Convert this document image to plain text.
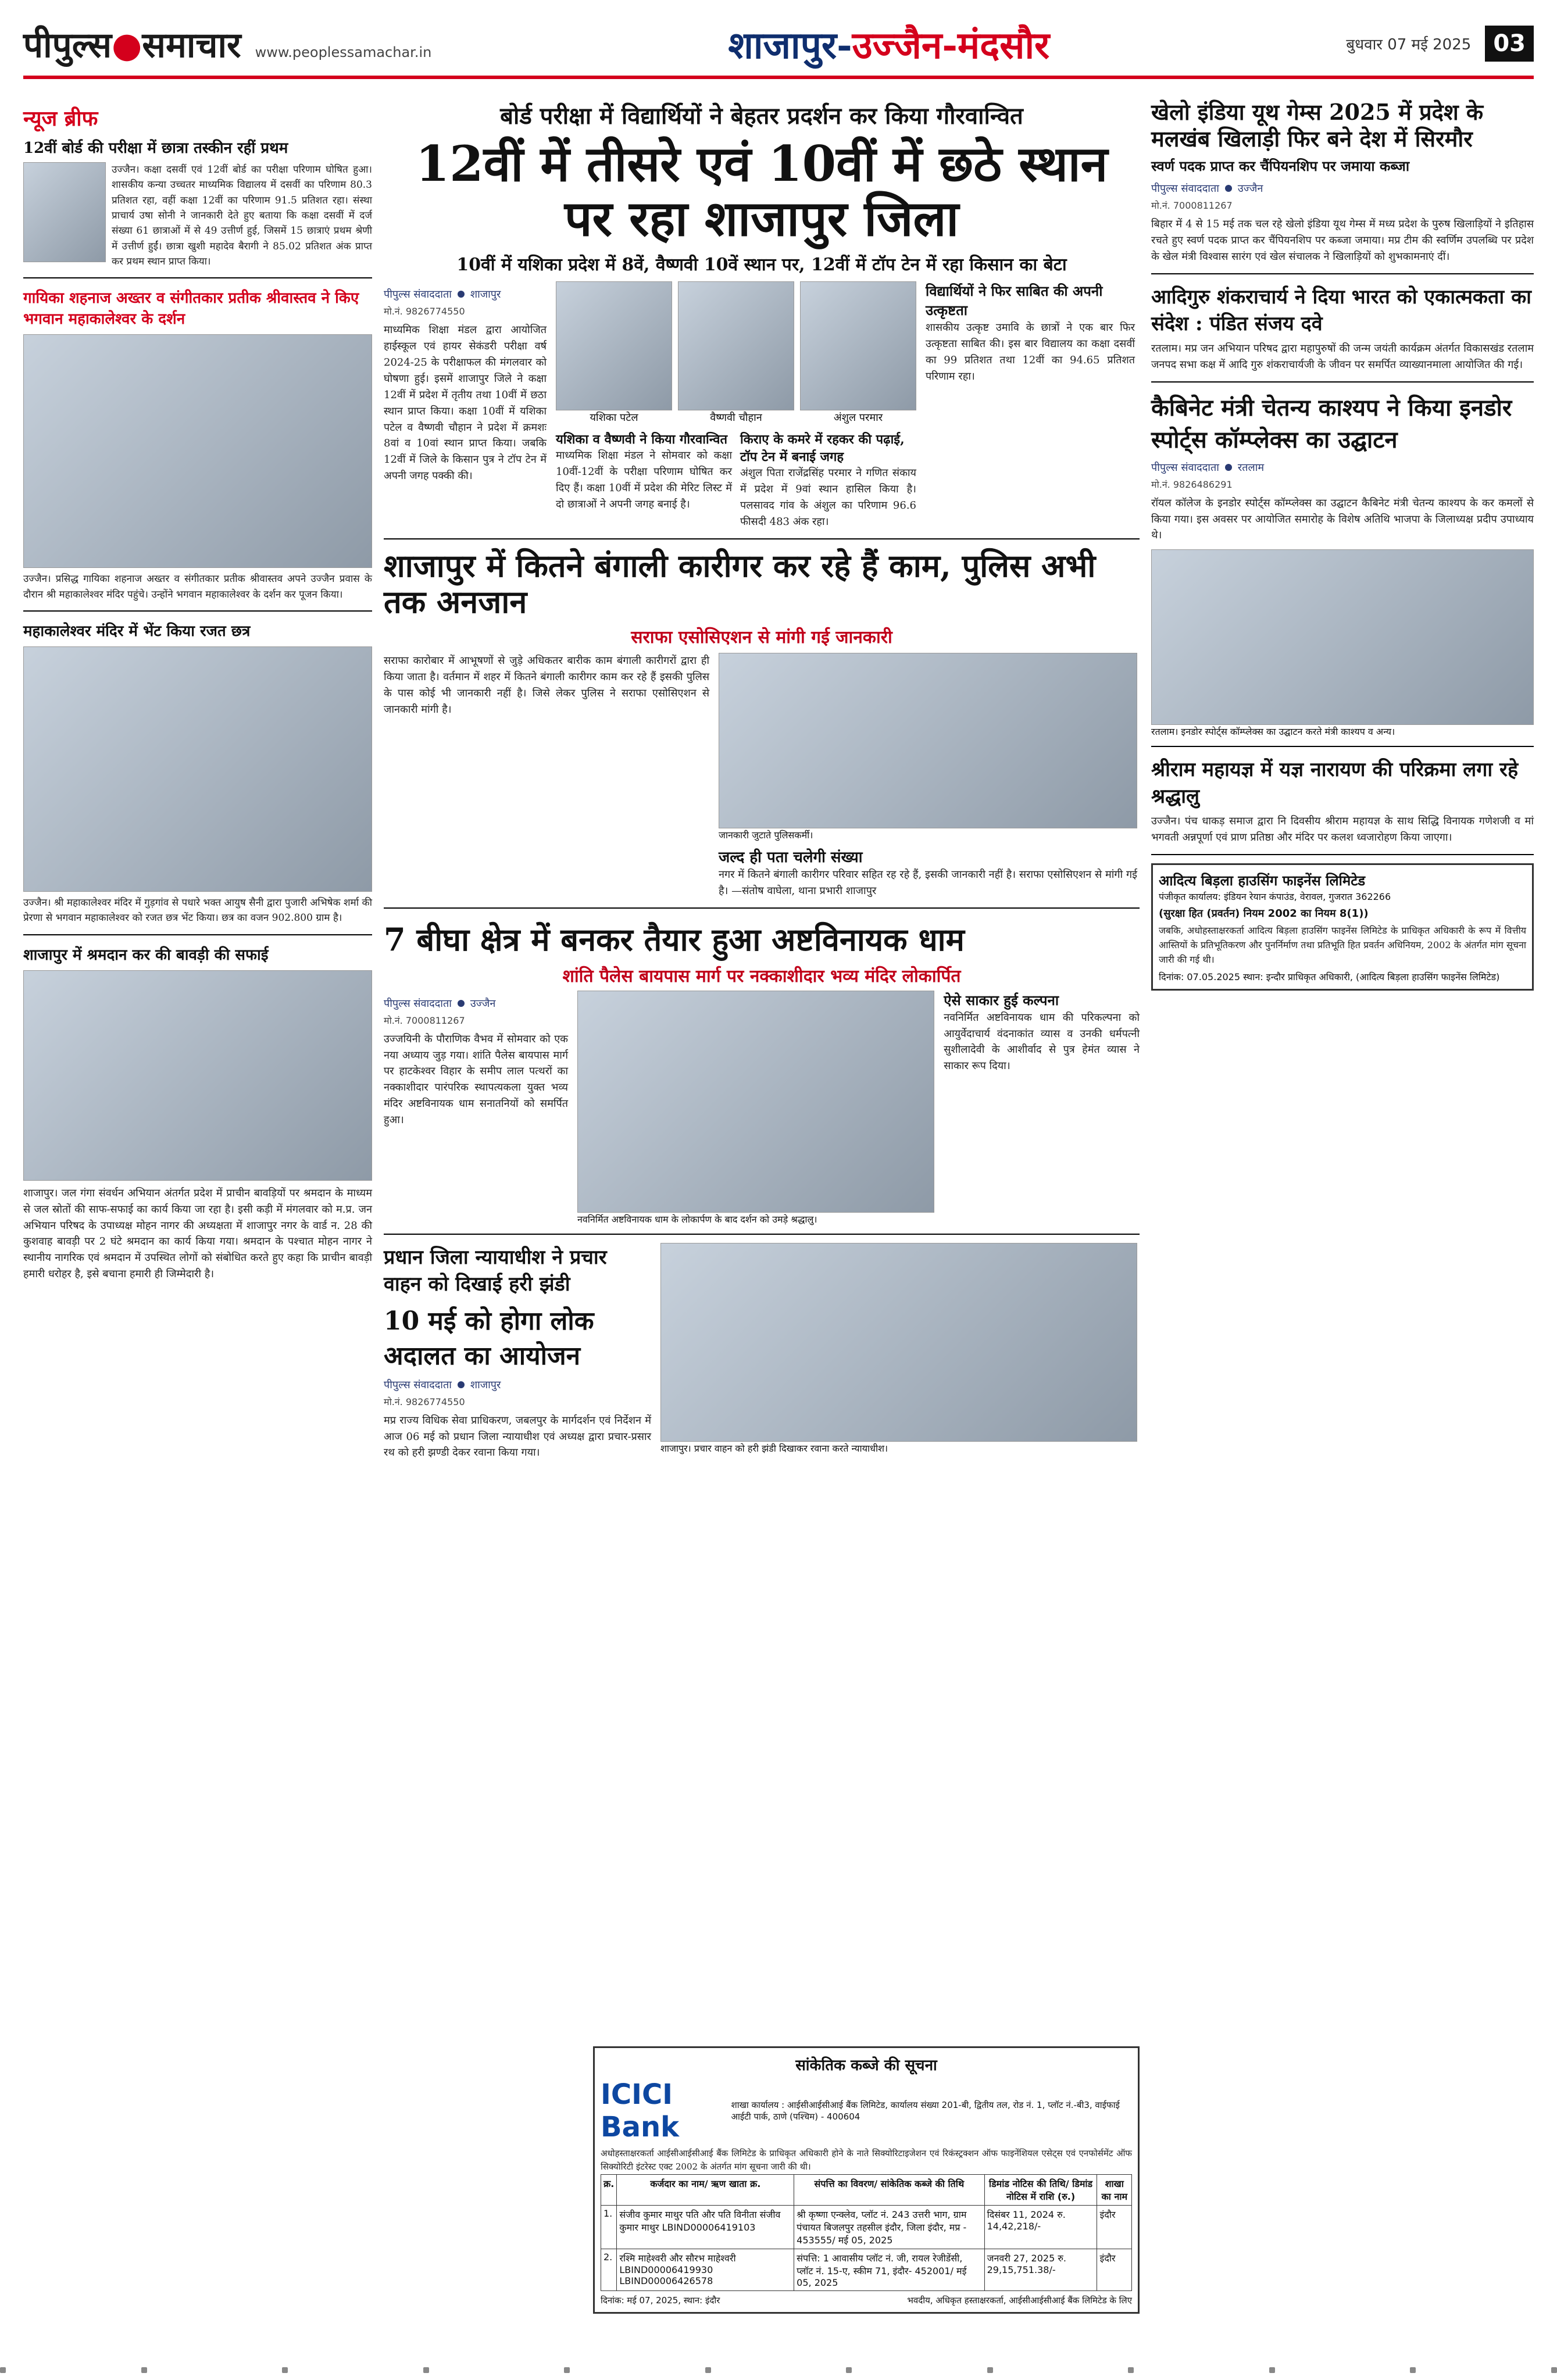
पीपुल्स●समाचार www.peoplessamachar.in	शाजापुर-उज्जैन-मंदसौर	बुधवार 07 मई 2025 03
न्यूज ब्रीफ
12वीं बोर्ड की परीक्षा में छात्रा तस्कीन रहीं प्रथम
उज्जैन। कक्षा दसवीं एवं 12वीं बोर्ड का परीक्षा परिणाम घोषित हुआ। शासकीय कन्या उच्चतर माध्यमिक विद्यालय में दसवीं का परिणाम 80.3 प्रतिशत रहा, वहीं कक्षा 12वीं का परिणाम 91.5 प्रतिशत रहा। संस्था प्राचार्य उषा सोनी ने जानकारी देते हुए बताया कि कक्षा दसवीं में दर्ज संख्या 61 छात्राओं में से 49 उत्तीर्ण हुई, जिसमें 15 छात्राएं प्रथम श्रेणी में उत्तीर्ण हुईं। छात्रा खुशी महादेव बैरागी ने 85.02 प्रतिशत अंक प्राप्त कर प्रथम स्थान प्राप्त किया।
गायिका शहनाज अख्तर व संगीतकार प्रतीक श्रीवास्तव ने किए भगवान महाकालेश्वर के दर्शन
उज्जैन। प्रसिद्ध गायिका शहनाज अख्तर व संगीतकार प्रतीक श्रीवास्तव अपने उज्जैन प्रवास के दौरान श्री महाकालेश्वर मंदिर पहुंचे। उन्होंने भगवान महाकालेश्वर के दर्शन कर पूजन किया।
महाकालेश्वर मंदिर में भेंट किया रजत छत्र
उज्जैन। श्री महाकालेश्वर मंदिर में गुड़गांव से पधारे भक्त आयुष सैनी द्वारा पुजारी अभिषेक शर्मा की प्रेरणा से भगवान महाकालेश्वर को रजत छत्र भेंट किया। छत्र का वजन 902.800 ग्राम है।
शाजापुर में श्रमदान कर की बावड़ी की सफाई
शाजापुर। जल गंगा संवर्धन अभियान अंतर्गत प्रदेश में प्राचीन बावड़ियों पर श्रमदान के माध्यम से जल स्रोतों की साफ-सफाई का कार्य किया जा रहा है। इसी कड़ी में मंगलवार को म.प्र. जन अभियान परिषद के उपाध्यक्ष मोहन नागर की अध्यक्षता में शाजापुर नगर के वार्ड न. 28 की कुशवाह बावड़ी पर 2 घंटे श्रमदान का कार्य किया गया। श्रमदान के पश्चात मोहन नागर ने स्थानीय नागरिक एवं श्रमदान में उपस्थित लोगों को संबोधित करते हुए कहा कि प्राचीन बावड़ी हमारी धरोहर है, इसे बचाना हमारी ही जिम्मेदारी है।
बोर्ड परीक्षा में विद्यार्थियों ने बेहतर प्रदर्शन कर किया गौरवान्वित
12वीं में तीसरे एवं 10वीं में छठे स्थान पर रहा शाजापुर जिला
10वीं में यशिका प्रदेश में 8वें, वैष्णवी 10वें स्थान पर, 12वीं में टॉप टेन में रहा किसान का बेटा
पीपुल्स संवाददाता शाजापुर
मो.नं. 9826774550
माध्यमिक शिक्षा मंडल द्वारा आयोजित हाईस्कूल एवं हायर सेकंडरी परीक्षा वर्ष 2024-25 के परीक्षाफल की मंगलवार को घोषणा हुई। इसमें शाजापुर जिले ने कक्षा 12वीं में प्रदेश में तृतीय तथा 10वीं में छठा स्थान प्राप्त किया। कक्षा 10वीं में यशिका पटेल व वैष्णवी चौहान ने प्रदेश में क्रमशः 8वां व 10वां स्थान प्राप्त किया। जबकि 12वीं में जिले के किसान पुत्र ने टॉप टेन में अपनी जगह पक्की की।
यशिका पटेल	वैष्णवी चौहान	अंशुल परमार
यशिका व वैष्णवी ने किया गौरवान्वित
माध्यमिक शिक्षा मंडल ने सोमवार को कक्षा 10वीं-12वीं के परीक्षा परिणाम घोषित कर दिए हैं। कक्षा 10वीं में प्रदेश की मेरिट लिस्ट में दो छात्राओं ने अपनी जगह बनाई है।
किराए के कमरे में रहकर की पढ़ाई, टॉप टेन में बनाई जगह
अंशुल पिता राजेंद्रसिंह परमार ने गणित संकाय में प्रदेश में 9वां स्थान हासिल किया है। पलसावद गांव के अंशुल का परिणाम 96.6 फीसदी 483 अंक रहा।
विद्यार्थियों ने फिर साबित की अपनी उत्कृष्टता
शासकीय उत्कृष्ट उमावि के छात्रों ने एक बार फिर उत्कृष्टता साबित की। इस बार विद्यालय का कक्षा दसवीं का 99 प्रतिशत तथा 12वीं का 94.65 प्रतिशत परिणाम रहा।
शाजापुर में कितने बंगाली कारीगर कर रहे हैं काम, पुलिस अभी तक अनजान
सराफा एसोसिएशन से मांगी गई जानकारी
सराफा कारोबार में आभूषणों से जुड़े अधिकतर बारीक काम बंगाली कारीगरों द्वारा ही किया जाता है। वर्तमान में शहर में कितने बंगाली कारीगर काम कर रहे हैं इसकी पुलिस के पास कोई भी जानकारी नहीं है। जिसे लेकर पुलिस ने सराफा एसोसिएशन से जानकारी मांगी है।
जानकारी जुटाते पुलिसकर्मी।
जल्द ही पता चलेगी संख्या
नगर में कितने बंगाली कारीगर परिवार सहित रह रहे हैं, इसकी जानकारी नहीं है। सराफा एसोसिएशन से मांगी गई है। —संतोष वाघेला, थाना प्रभारी शाजापुर
7 बीघा क्षेत्र में बनकर तैयार हुआ अष्टविनायक धाम
शांति पैलेस बायपास मार्ग पर नक्काशीदार भव्य मंदिर लोकार्पित
पीपुल्स संवाददाता उज्जैन
मो.नं. 7000811267
उज्जयिनी के पौराणिक वैभव में सोमवार को एक नया अध्याय जुड़ गया। शांति पैलेस बायपास मार्ग पर हाटकेश्वर विहार के समीप लाल पत्थरों का नक्काशीदार पारंपरिक स्थापत्यकला युक्त भव्य मंदिर अष्टविनायक धाम सनातनियों को समर्पित हुआ।
नवनिर्मित अष्टविनायक धाम के लोकार्पण के बाद दर्शन को उमड़े श्रद्धालु।
ऐसे साकार हुई कल्पना
नवनिर्मित अष्टविनायक धाम की परिकल्पना को आयुर्वेदाचार्य वंदनाकांत व्यास व उनकी धर्मपत्नी सुशीलादेवी के आशीर्वाद से पुत्र हेमंत व्यास ने साकार रूप दिया।
प्रधान जिला न्यायाधीश ने प्रचार वाहन को दिखाई हरी झंडी
10 मई को होगा लोक अदालत का आयोजन
पीपुल्स संवाददाता शाजापुर
मो.नं. 9826774550
मप्र राज्य विधिक सेवा प्राधिकरण, जबलपुर के मार्गदर्शन एवं निर्देशन में आज 06 मई को प्रधान जिला न्यायाधीश एवं अध्यक्ष द्वारा प्रचार-प्रसार रथ को हरी झण्डी देकर रवाना किया गया।	शाजापुर। प्रचार वाहन को हरी झंडी दिखाकर रवाना करते न्यायाधीश।
खेलो इंडिया यूथ गेम्स 2025 में प्रदेश के मलखंब खिलाड़ी फिर बने देश में सिरमौर
स्वर्ण पदक प्राप्त कर चैंपियनशिप पर जमाया कब्जा
पीपुल्स संवाददाता उज्जैन
मो.नं. 7000811267
बिहार में 4 से 15 मई तक चल रहे खेलो इंडिया यूथ गेम्स में मध्य प्रदेश के पुरुष खिलाड़ियों ने इतिहास रचते हुए स्वर्ण पदक प्राप्त कर चैंपियनशिप पर कब्जा जमाया। मप्र टीम की स्वर्णिम उपलब्धि पर प्रदेश के खेल मंत्री विश्वास सारंग एवं खेल संचालक ने खिलाड़ियों को शुभकामनाएं दीं।
आदिगुरु शंकराचार्य ने दिया भारत को एकात्मकता का संदेश : पंडित संजय दवे
रतलाम। मप्र जन अभियान परिषद द्वारा महापुरुषों की जन्म जयंती कार्यक्रम अंतर्गत विकासखंड रतलाम जनपद सभा कक्ष में आदि गुरु शंकराचार्यजी के जीवन पर समर्पित व्याख्यानमाला आयोजित की गई।
कैबिनेट मंत्री चेतन्य काश्यप ने किया इनडोर स्पोर्ट्स कॉम्प्लेक्स का उद्घाटन
पीपुल्स संवाददाता रतलाम
मो.नं. 9826486291
रॉयल कॉलेज के इनडोर स्पोर्ट्स कॉम्प्लेक्स का उद्घाटन कैबिनेट मंत्री चेतन्य काश्यप के कर कमलों से किया गया। इस अवसर पर आयोजित समारोह के विशेष अतिथि भाजपा के जिलाध्यक्ष प्रदीप उपाध्याय थे।
रतलाम। इनडोर स्पोर्ट्स कॉम्प्लेक्स का उद्घाटन करते मंत्री काश्यप व अन्य।
श्रीराम महायज्ञ में यज्ञ नारायण की परिक्रमा लगा रहे श्रद्धालु
उज्जैन। पंच धाकड़ समाज द्वारा नि दिवसीय श्रीराम महायज्ञ के साथ सिद्धि विनायक गणेशजी व मां भगवती अन्नपूर्णा एवं प्राण प्रतिष्ठा और मंदिर पर कलश ध्वजारोहण किया जाएगा।
आदित्य बिड़ला हाउसिंग फाइनेंस लिमिटेड
पंजीकृत कार्यालय: इंडियन रेयान कंपाउंड, वेरावल, गुजरात 362266
(सुरक्षा हित (प्रवर्तन) नियम 2002 का नियम 8(1))
जबकि, अधोहस्ताक्षरकर्ता आदित्य बिड़ला हाउसिंग फाइनेंस लिमिटेड के प्राधिकृत अधिकारी के रूप में वित्तीय आस्तियों के प्रतिभूतिकरण और पुनर्निर्माण तथा प्रतिभूति हित प्रवर्तन अधिनियम, 2002 के अंतर्गत मांग सूचना जारी की गई थी।
दिनांक: 07.05.2025 स्थान: इन्दौर प्राधिकृत अधिकारी, (आदित्य बिड़ला हाउसिंग फाइनेंस लिमिटेड)
सांकेतिक कब्जे की सूचना
ICICI Bank
शाखा कार्यालय : आईसीआईसीआई बैंक लिमिटेड, कार्यालय संख्या 201-बी, द्वितीय तल, रोड नं. 1, प्लॉट नं.-बी3, वाईफाई आईटी पार्क, ठाणे (पश्चिम) - 400604
अधोहस्ताक्षरकर्ता आईसीआईसीआई बैंक लिमिटेड के प्राधिकृत अधिकारी होने के नाते सिक्योरिटाइजेशन एवं रिकंस्ट्रक्शन ऑफ फाइनेंशियल एसेट्स एवं एनफोर्समेंट ऑफ सिक्योरिटी इंटरेस्ट एक्ट 2002 के अंतर्गत मांग सूचना जारी की थी।
क्र.	कर्जदार का नाम/ ऋण खाता क्र.	संपत्ति का विवरण/ सांकेतिक कब्जे की तिथि	डिमांड नोटिस की तिथि/ डिमांड नोटिस में राशि (रु.)	शाखा का नाम
1.	संजीव कुमार माथुर पति और पति विनीता संजीव कुमार माथुर LBIND00006419103	श्री कृष्णा एन्क्लेव, प्लॉट नं. 243 उत्तरी भाग, ग्राम पंचायत बिजलपुर तहसील इंदौर, जिला इंदौर, मप्र - 453555/ मई 05, 2025	दिसंबर 11, 2024 रु. 14,42,218/-	इंदौर
2.	रश्मि माहेश्वरी और सौरभ माहेश्वरी LBIND00006419930 LBIND00006426578	संपत्ति: 1 आवासीय प्लॉट नं. जी, रायल रेजीडेंसी, प्लॉट नं. 15-ए, स्कीम 71, इंदौर- 452001/ मई 05, 2025	जनवरी 27, 2025 रु. 29,15,751.38/-	इंदौर
दिनांक: मई 07, 2025, स्थान: इंदौर	भवदीय, अधिकृत हस्ताक्षरकर्ता, आईसीआईसीआई बैंक लिमिटेड के लिए
